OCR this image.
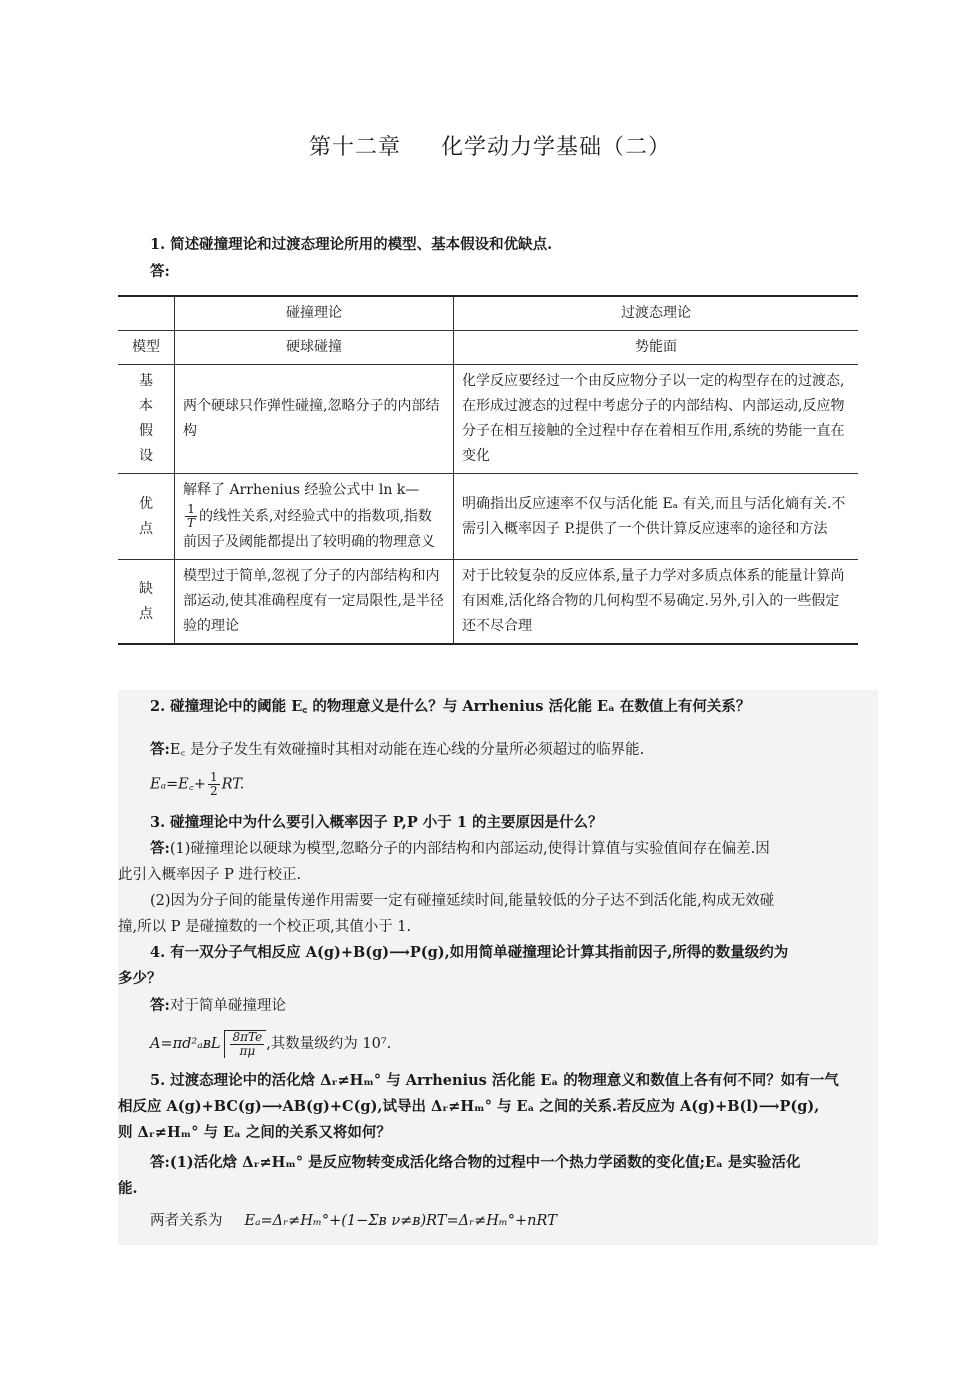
第十二章 化学动力学基础（二）
1. 简述碰撞理论和过渡态理论所用的模型、基本假设和优缺点.
答:
	碰撞理论	过渡态理论
模型	硬球碰撞	势能面
基本假设	两个硬球只作弹性碰撞,忽略分子的内部结构	化学反应要经过一个由反应物分子以一定的构型存在的过渡态,在形成过渡态的过程中考虑分子的内部结构、内部运动,反应物分子在相互接触的全过程中存在着相互作用,系统的势能一直在变化
优点	解释了 Arrhenius 经验公式中 ln k—

$\frac{1}{T}$ 的线性关系,对经验式中的指数项,指数前因子及阈能都提出了较明确的物理意义	明确指出反应速率不仅与活化能 Eₐ 有关,而且与活化熵有关.不需引入概率因子 P.提供了一个供计算反应速率的途径和方法
缺点	模型过于简单,忽视了分子的内部结构和内部运动,使其准确程度有一定局限性,是半径验的理论	对于比较复杂的反应体系,量子力学对多质点体系的能量计算尚有困难,活化络合物的几何构型不易确定.另外,引入的一些假定还不尽合理
2. 碰撞理论中的阈能 E꜀ 的物理意义是什么？与 Arrhenius 活化能 Eₐ 在数值上有何关系？
答:E꜀ 是分子发生有效碰撞时其相对动能在连心线的分量所必须超过的临界能.
Eₐ=E꜀+ $\frac{1}{2}$ RT.
3. 碰撞理论中为什么要引入概率因子 P,P 小于 1 的主要原因是什么？
答:(1)碰撞理论以硬球为模型,忽略分子的内部结构和内部运动,使得计算值与实验值间存在偏差.因
此引入概率因子 P 进行校正.
(2)因为分子间的能量传递作用需要一定有碰撞延续时间,能量较低的分子达不到活化能,构成无效碰
撞,所以 P 是碰撞数的一个校正项,其值小于 1.
4. 有一双分子气相反应 A(g)+B(g)⟶P(g),如用简单碰撞理论计算其指前因子,所得的数量级约为
多少？
答:对于简单碰撞理论
A=πd²ₐʙL $\frac{\text{8πTe}}{\pi\mu}$ ,其数量级约为 10⁷.
5. 过渡态理论中的活化焓 Δᵣ≠Hₘ° 与 Arrhenius 活化能 Eₐ 的物理意义和数值上各有何不同？如有一气
相反应 A(g)+BC(g)⟶AB(g)+C(g),试导出 Δᵣ≠Hₘ° 与 Eₐ 之间的关系.若反应为 A(g)+B(l)⟶P(g),
则 Δᵣ≠Hₘ° 与 Eₐ 之间的关系又将如何？
答:(1)活化焓 Δᵣ≠Hₘ° 是反应物转变成活化络合物的过程中一个热力学函数的变化值;Eₐ 是实验活化
能.
两者关系为 Eₐ=Δᵣ≠Hₘ°+(1−Σʙ ν≠ʙ)RT=Δᵣ≠Hₘ°+nRT
